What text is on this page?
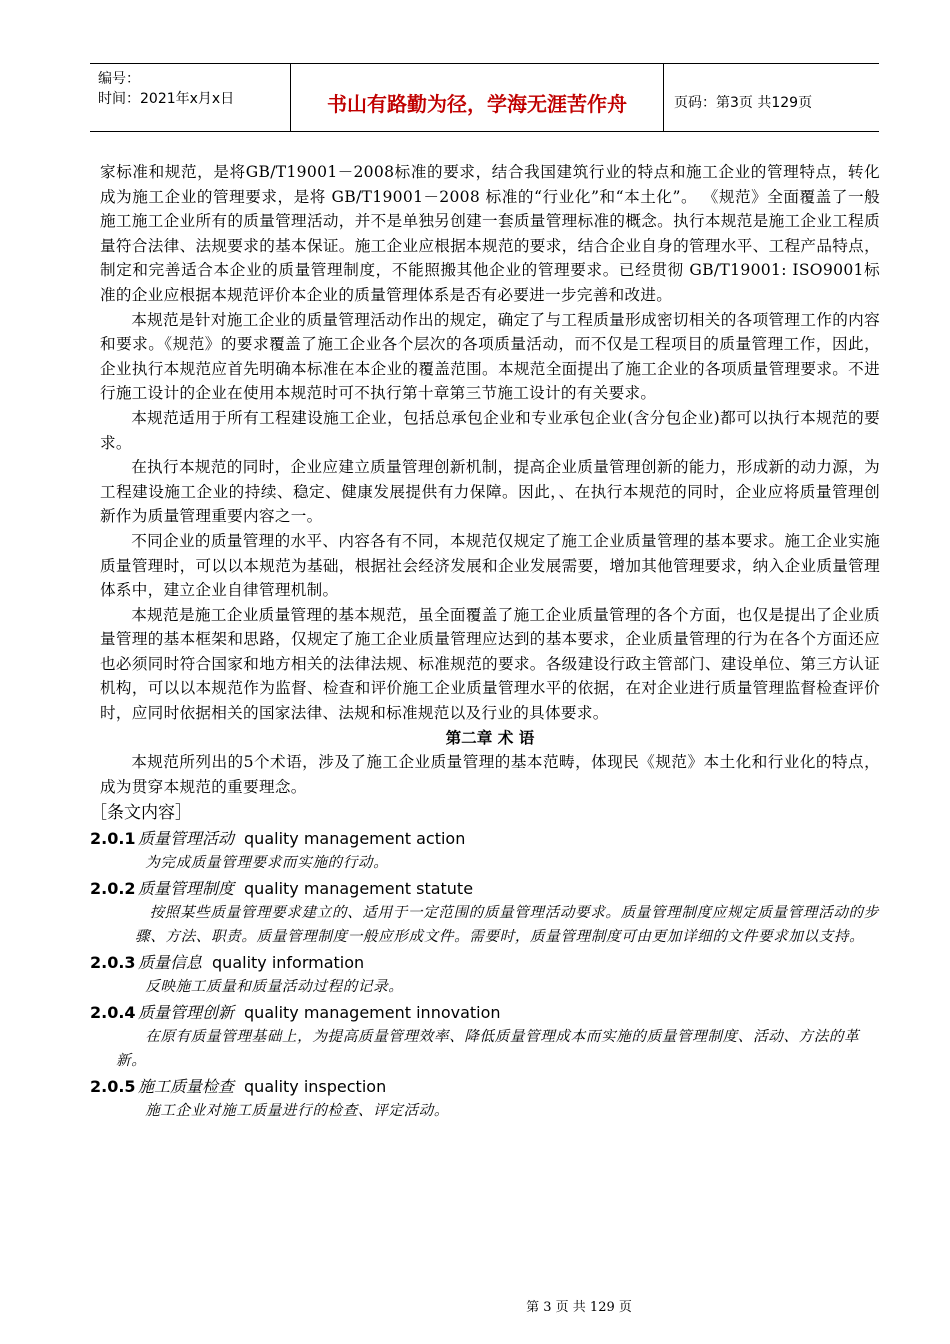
编号：
时间：2021年x月x日	书山有路勤为径，学海无涯苦作舟	页码：第3页 共129页

家标准和规范，是将GB/T19001－2008标准的要求，结合我国建筑行业的特点和施工企业的管理特点，转化成为施工企业的管理要求，是将 GB/T19001－2008 标准的“行业化”和“本土化”。 《规范》全面覆盖了一般施工施工企业所有的质量管理活动，并不是单独另创建一套质量管理标准的概念。执行本规范是施工企业工程质量符合法律、法规要求的基本保证。施工企业应根据本规范的要求，结合企业自身的管理水平、工程产品特点，制定和完善适合本企业的质量管理制度，不能照搬其他企业的管理要求。已经贯彻 GB/T19001: ISO9001标准的企业应根据本规范评价本企业的质量管理体系是否有必要进一步完善和改进。

本规范是针对施工企业的质量管理活动作出的规定，确定了与工程质量形成密切相关的各项管理工作的内容和要求。《规范》的要求覆盖了施工企业各个层次的各项质量活动，而不仅是工程项目的质量管理工作，因此，企业执行本规范应首先明确本标准在本企业的覆盖范围。本规范全面提出了施工企业的各项质量管理要求。不进行施工设计的企业在使用本规范时可不执行第十章第三节施工设计的有关要求。

本规范适用于所有工程建设施工企业，包括总承包企业和专业承包企业(含分包企业)都可以执行本规范的要求。

在执行本规范的同时，企业应建立质量管理创新机制，提高企业质量管理创新的能力，形成新的动力源，为工程建设施工企业的持续、稳定、健康发展提供有力保障。因此，、在执行本规范的同时，企业应将质量管理创新作为质量管理重要内容之一。

不同企业的质量管理的水平、内容各有不同，本规范仅规定了施工企业质量管理的基本要求。施工企业实施质量管理时，可以以本规范为基础，根据社会经济发展和企业发展需要，增加其他管理要求，纳入企业质量管理体系中，建立企业自律管理机制。

本规范是施工企业质量管理的基本规范，虽全面覆盖了施工企业质量管理的各个方面，也仅是提出了企业质量管理的基本框架和思路，仅规定了施工企业质量管理应达到的基本要求，企业质量管理的行为在各个方面还应也必须同时符合国家和地方相关的法律法规、标准规范的要求。各级建设行政主管部门、建设单位、第三方认证机构，可以以本规范作为监督、检查和评价施工企业质量管理水平的依据，在对企业进行质量管理监督检查评价时，应同时依据相关的国家法律、法规和标准规范以及行业的具体要求。

第二章 术 语

本规范所列出的5个术语，涉及了施工企业质量管理的基本范畴，体现民《规范》本土化和行业化的特点，成为贯穿本规范的重要理念。

［条文内容］
2.0.1 质量管理活动 quality management action

为完成质量管理要求而实施的行动。

2.0.2 质量管理制度 quality management statute

按照某些质量管理要求建立的、适用于一定范围的质量管理活动要求。质量管理制度应规定质量管理活动的步骤、方法、职责。质量管理制度一般应形成文件。需要时，质量管理制度可由更加详细的文件要求加以支持。

2.0.3 质量信息 quality information

反映施工质量和质量活动过程的记录。

2.0.4 质量管理创新 quality management innovation

在原有质量管理基础上，为提高质量管理效率、降低质量管理成本而实施的质量管理制度、活动、方法的革新。

2.0.5 施工质量检查 quality inspection

施工企业对施工质量进行的检查、评定活动。

第 3 页 共 129 页
